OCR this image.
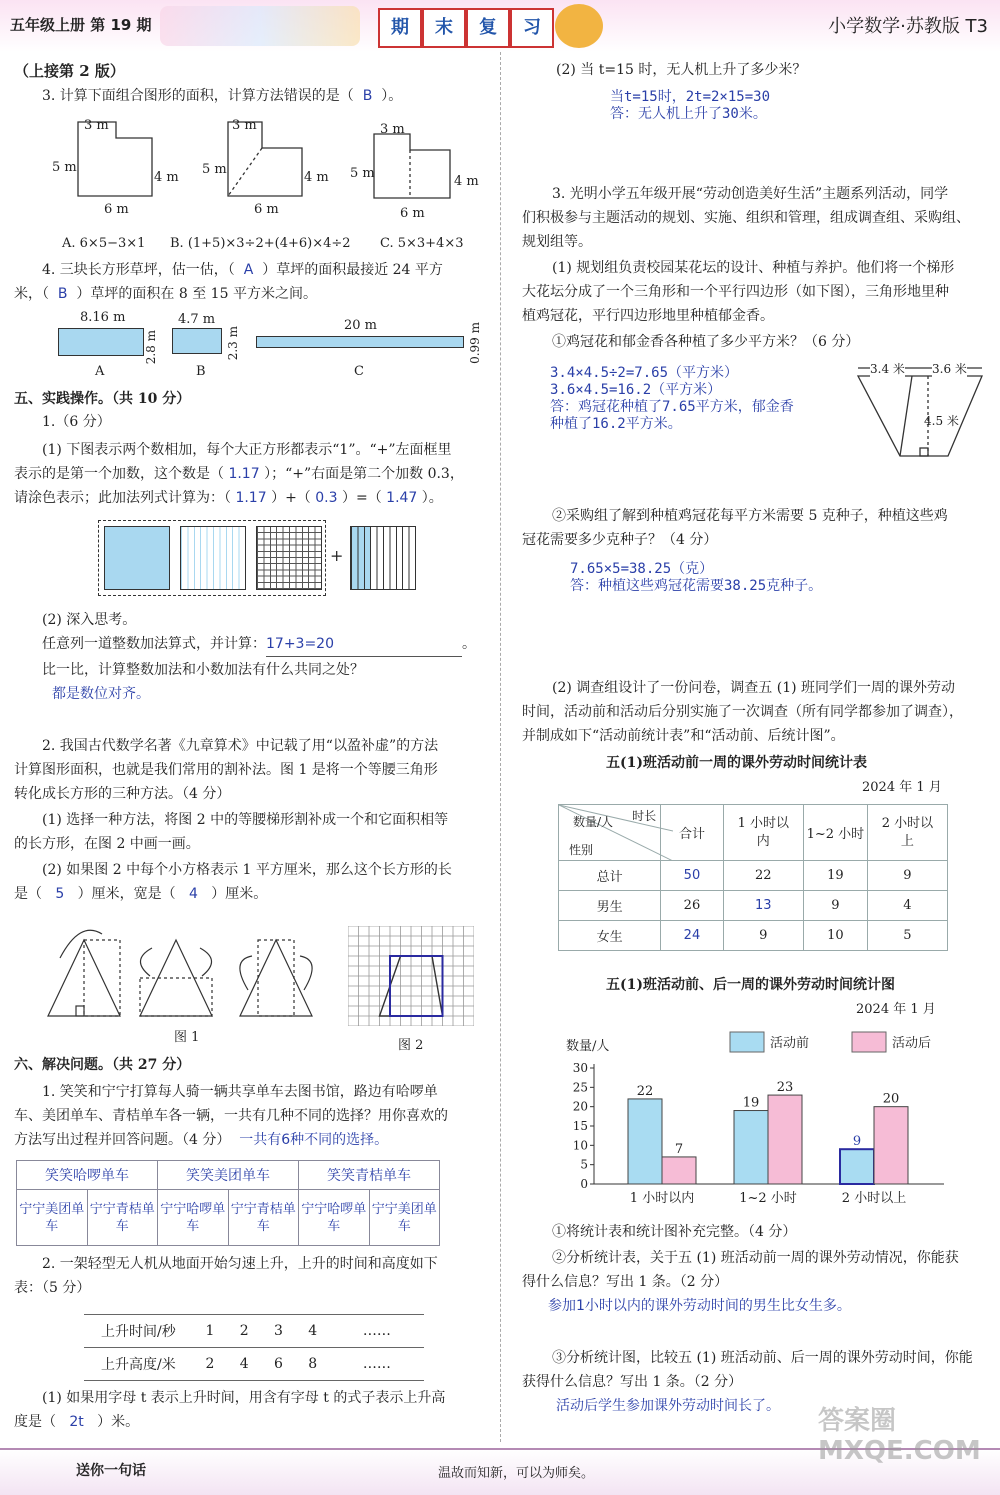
五年级上册 第 19 期	期	末	复	习	小学数学·苏教版 T3
（上接第 2 版）
3. 计算下面组合图形的面积，计算方法错误的是（ B ）。
3 m
5 m
4 m
6 m
3 m
5 m
4 m
6 m
3 m
5 m
4 m
6 m
A. 6×5−3×1 B. (1+5)×3÷2+(4+6)×4÷2 C. 5×3+4×3
4. 三块长方形草坪，估一估，（ A ）草坪的面积最接近 24 平方
米，（ B ）草坪的面积在 8 至 15 平方米之间。
8.16 m
2.8 m
4.7 m
2.3 m
20 m	0.99 m
A	B	C
五、实践操作。（共 10 分）
1.（6 分）
(1) 下图表示两个数相加，每个大正方形都表示“1”。“+”左面框里
表示的是第一个加数，这个数是（ 1.17 ）；“+”右面是第二个加数 0.3，
请涂色表示；此加法列式计算为：（ 1.17 ）+（ 0.3 ）=（ 1.47 ）。
+
(2) 深入思考。
任意列一道整数加法算式，并计算：17+3=20	。
比一比，计算整数加法和小数加法有什么共同之处？
都是数位对齐。
2. 我国古代数学名著《九章算术》中记载了用“以盈补虚”的方法
计算图形面积，也就是我们常用的割补法。图 1 是将一个等腰三角形
转化成长方形的三种方法。（4 分）
(1) 选择一种方法，将图 2 中的等腰梯形割补成一个和它面积相等
的长方形，在图 2 中画一画。
(2) 如果图 2 中每个小方格表示 1 平方厘米，那么这个长方形的长
是（ 5 ）厘米，宽是（ 4 ）厘米。
图 1
图 2
六、解决问题。（共 27 分）
1. 笑笑和宁宁打算每人骑一辆共享单车去图书馆，路边有哈啰单
车、美团单车、青桔单车各一辆，一共有几种不同的选择？用你喜欢的
方法写出过程并回答问题。（4 分） 一共有6种不同的选择。
笑笑哈啰单车		笑笑美团单车		笑笑青桔单车	
宁宁美团单车	宁宁青桔单车	宁宁哈啰单车	宁宁青桔单车	宁宁哈啰单车	宁宁美团单车
2. 一架轻型无人机从地面开始匀速上升，上升的时间和高度如下
表：（5 分）
上升时间/秒	1	2	3	4	……
上升高度/米	2	4	6	8	……
(1) 如果用字母 t 表示上升时间，用含有字母 t 的式子表示上升高
度是（ 2t ）米。
(2) 当 t=15 时，无人机上升了多少米？
当t=15时，2t=2×15=30
答：无人机上升了30米。
3. 光明小学五年级开展“劳动创造美好生活”主题系列活动，同学
们积极参与主题活动的规划、实施、组织和管理，组成调查组、采购组、
规划组等。
(1) 规划组负责校园某花坛的设计、种植与养护。他们将一个梯形
大花坛分成了一个三角形和一个平行四边形（如下图），三角形地里种
植鸡冠花，平行四边形地里种植郁金香。
①鸡冠花和郁金香各种植了多少平方米？（6 分）
3.4×4.5÷2=7.65（平方米）
3.6×4.5=16.2（平方米）
答：鸡冠花种植了7.65平方米，郁金香
种植了16.2平方米。
3.4 米 3.6 米
4.5 米
②采购组了解到种植鸡冠花每平方米需要 5 克种子，种植这些鸡
冠花需要多少克种子？（4 分）
7.65×5=38.25（克）
答：种植这些鸡冠花需要38.25克种子。
(2) 调查组设计了一份问卷，调查五 (1) 班同学们一周的课外劳动
时间，活动前和活动后分别实施了一次调查（所有同学都参加了调查），
并制成如下“活动前统计表”和“活动前、后统计图”。
五(1)班活动前一周的课外劳动时间统计表
2024 年 1 月
时长
数量/人
性别	合计	1 小时以内	1~2 小时	2 小时以上
总计	50	22	19	9
男生	26	13	9	4
女生	24	9	10	5
五(1)班活动前、后一周的课外劳动时间统计图
2024 年 1 月
数量/人	活动前	活动后
0
5
10
15
20
25
30
22
7
1 小时以内
19
23
1~2 小时
9
20
2 小时以上
①将统计表和统计图补充完整。（4 分）
②分析统计表，关于五 (1) 班活动前一周的课外劳动情况，你能获
得什么信息？写出 1 条。（2 分）
参加1小时以内的课外劳动时间的男生比女生多。
③分析统计图，比较五 (1) 班活动前、后一周的课外劳动时间，你能
获得什么信息？写出 1 条。（2 分）
活动后学生参加课外劳动时间长了。
送你一句话	温故而知新，可以为师矣。
答案圈 MXQE.COM
